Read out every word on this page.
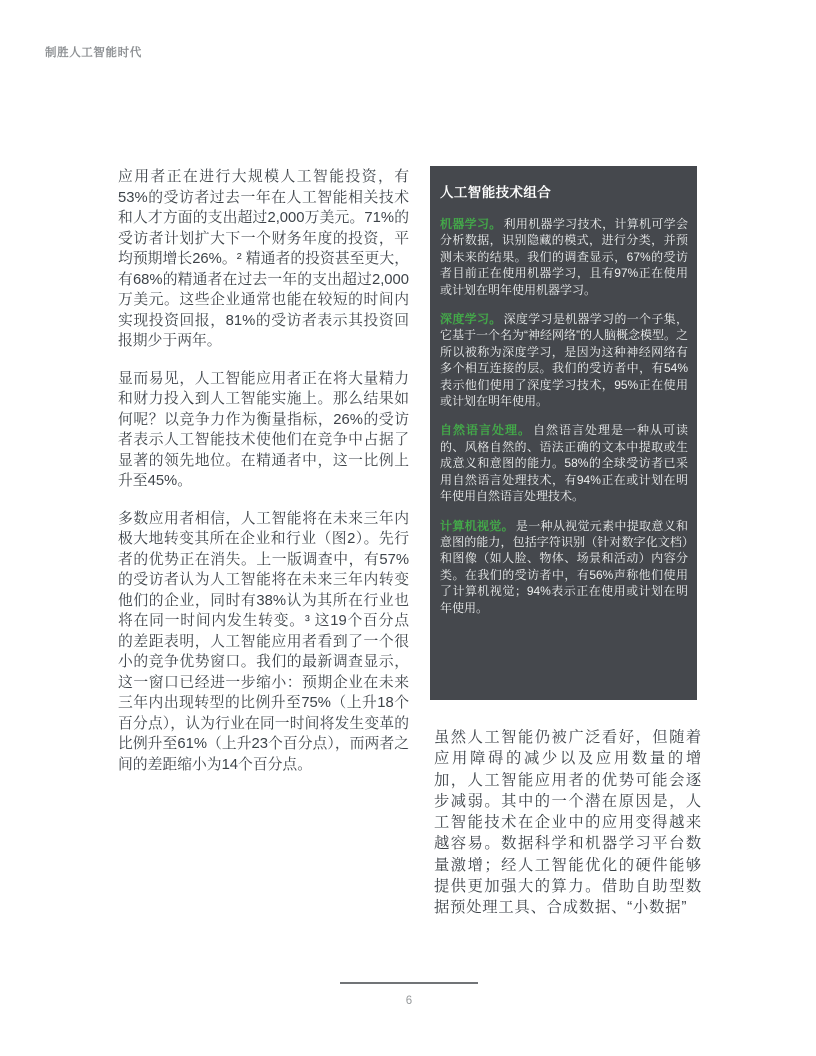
制胜人工智能时代

应用者正在进行大规模人工智能投资，有53%的受访者过去一年在人工智能相关技术和人才方面的支出超过2,000万美元。71%的受访者计划扩大下一个财务年度的投资，平均预期增长26%。² 精通者的投资甚至更大，有68%的精通者在过去一年的支出超过2,000万美元。这些企业通常也能在较短的时间内实现投资回报，81%的受访者表示其投资回报期少于两年。

显而易见，人工智能应用者正在将大量精力和财力投入到人工智能实施上。那么结果如何呢？以竞争力作为衡量指标，26%的受访者表示人工智能技术使他们在竞争中占据了显著的领先地位。在精通者中，这一比例上升至45%。

多数应用者相信，人工智能将在未来三年内极大地转变其所在企业和行业（图2）。先行者的优势正在消失。上一版调查中，有57%的受访者认为人工智能将在未来三年内转变他们的企业，同时有38%认为其所在行业也将在同一时间内发生转变。³ 这19个百分点的差距表明，人工智能应用者看到了一个很小的竞争优势窗口。我们的最新调查显示，这一窗口已经进一步缩小：预期企业在未来三年内出现转型的比例升至75%（上升18个百分点），认为行业在同一时间将发生变革的比例升至61%（上升23个百分点），而两者之间的差距缩小为14个百分点。

人工智能技术组合

机器学习。 利用机器学习技术，计算机可学会分析数据，识别隐藏的模式，进行分类，并预测未来的结果。我们的调查显示，67%的受访者目前正在使用机器学习，且有97%正在使用或计划在明年使用机器学习。

深度学习。 深度学习是机器学习的一个子集，它基于一个名为“神经网络”的人脑概念模型。之所以被称为深度学习，是因为这种神经网络有多个相互连接的层。我们的受访者中，有54%表示他们使用了深度学习技术，95%正在使用或计划在明年使用。

自然语言处理。 自然语言处理是一种从可读的、风格自然的、语法正确的文本中提取或生成意义和意图的能力。58%的全球受访者已采用自然语言处理技术，有94%正在或计划在明年使用自然语言处理技术。

计算机视觉。 是一种从视觉元素中提取意义和意图的能力，包括字符识别（针对数字化文档）和图像（如人脸、物体、场景和活动）内容分类。在我们的受访者中，有56%声称他们使用了计算机视觉；94%表示正在使用或计划在明年使用。

虽然人工智能仍被广泛看好，但随着应用障碍的减少以及应用数量的增加，人工智能应用者的优势可能会逐步减弱。其中的一个潜在原因是，人工智能技术在企业中的应用变得越来越容易。数据科学和机器学习平台数量激增；经人工智能优化的硬件能够提供更加强大的算力。借助自助型数据预处理工具、合成数据、“小数据”

6
